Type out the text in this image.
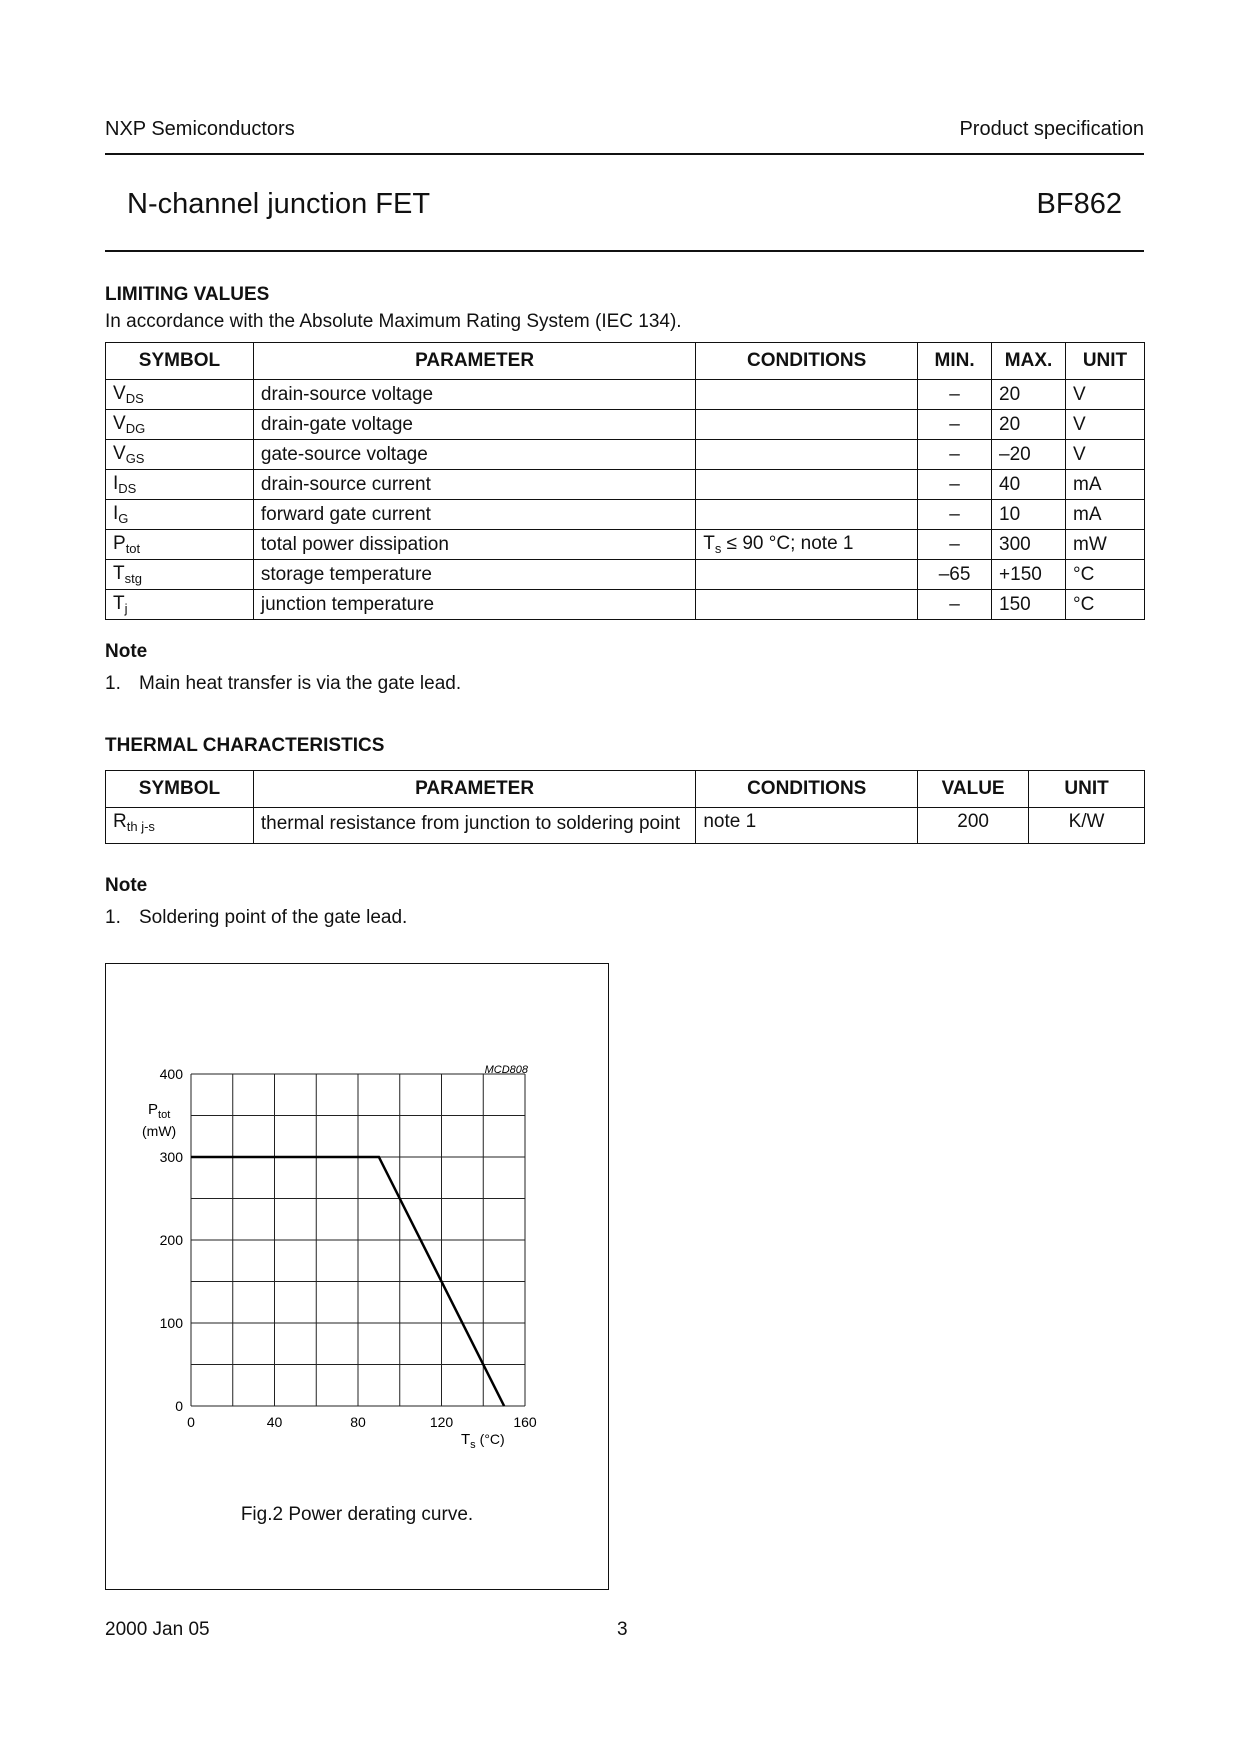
NXP Semiconductors	Product specification
N-channel junction FET	BF862
LIMITING VALUES
In accordance with the Absolute Maximum Rating System (IEC 134).
SYMBOL	PARAMETER	CONDITIONS	MIN.	MAX.	UNIT
$V_{DS}$	drain-source voltage		–	20	V
$V_{DG}$	drain-gate voltage		–	20	V
$V_{GS}$	gate-source voltage		–	–20	V
$I_{DS}$	drain-source current		–	40	mA
$I_G$	forward gate current		–	10	mA
$P_{tot}$	total power dissipation	$T_s \le 90$ °C; note 1	–	300	mW
$T_{stg}$	storage temperature		–65	+150	°C
$T_j$	junction temperature		–	150	°C
Note
1. Main heat transfer is via the gate lead.
THERMAL CHARACTERISTICS
SYMBOL	PARAMETER	CONDITIONS	VALUE	UNIT
$R_{th j-s}$	thermal resistance from junction to soldering point	note 1	200	K/W
Note
1. Soldering point of the gate lead.
0
100
200
300
400
0	40	80	120	160
MCD808
$P_{tot}$
(mW)
$T_s$ (°C)
Fig.2 Power derating curve.
2000 Jan 05	3
